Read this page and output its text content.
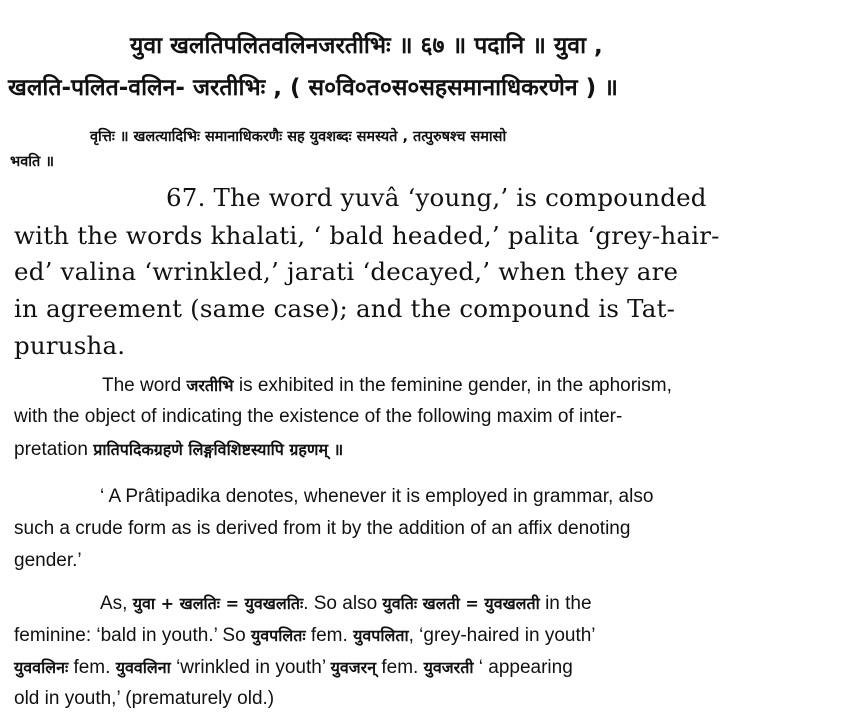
युवा खलतिपलितवलिनजरतीभिः ॥ ६७ ॥ पदानि ॥ युवा ,
खलति-पलित-वलिन- जरतीभिः , ( स०वि०त०स०सहसमानाधिकरणेन ) ॥
वृत्तिः ॥ खलत्यादिभिः समानाधिकरणैः सह युवशब्दः समस्यते , तत्पुरुषश्च समासो
भवति ॥
67. The word yuvâ ‘young,’ is compounded
with the words khalati, ‘ bald headed,’ palita ‘grey-hair-
ed’ valina ‘wrinkled,’ jarati ‘decayed,’ when they are
in agreement (same case); and the compound is Tat-
purusha.
The word जरतीभि is exhibited in the feminine gender, in the aphorism,
with the object of indicating the existence of the following maxim of inter-
pretation प्रातिपदिकग्रहणे लिङ्गविशिष्टस्यापि ग्रहणम् ॥
‘ A Prâtipadika denotes, whenever it is employed in grammar, also
such a crude form as is derived from it by the addition of an affix denoting
gender.’
As, युवा + खलतिः = युवखलतिः. So also युवतिः खलती = युवखलती in the
feminine: ‘bald in youth.’ So युवपलितः fem. युवपलिता, ‘grey-haired in youth’
युववलिनः fem. युववलिना ‘wrinkled in youth’ युवजरन् fem. युवजरती ‘ appearing
old in youth,’ (prematurely old.)
